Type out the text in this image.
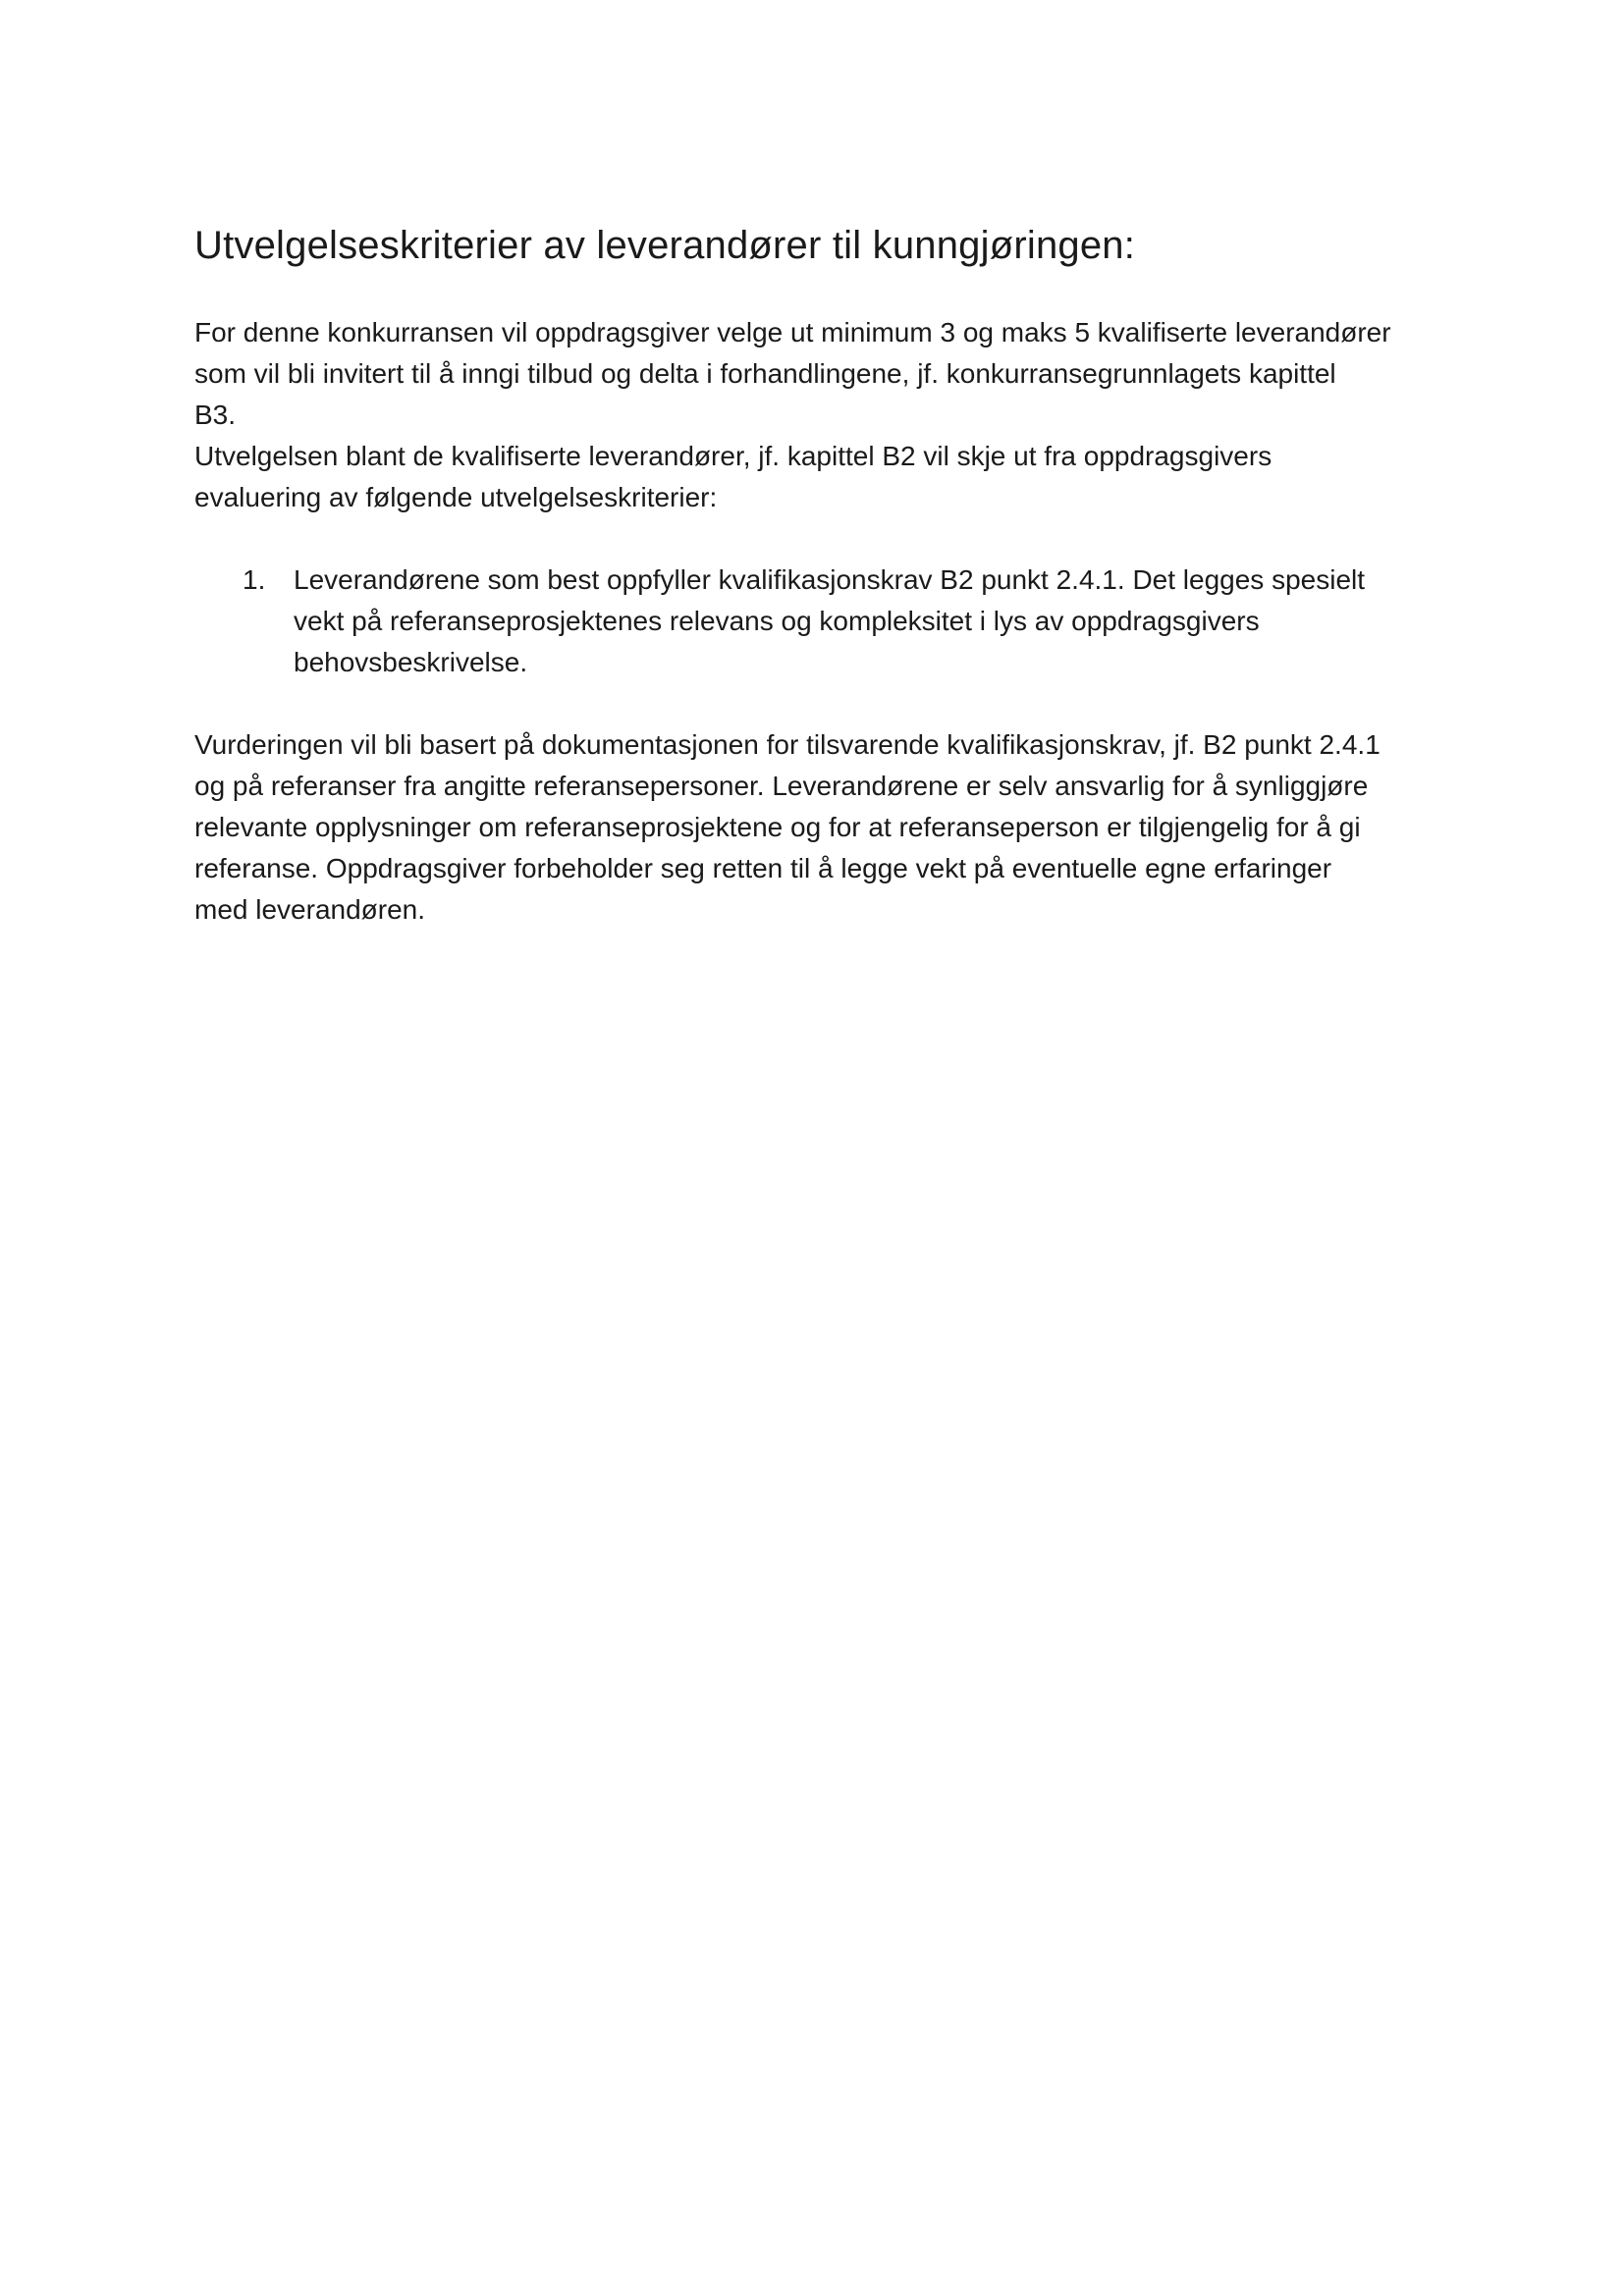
Utvelgelseskriterier av leverandører til kunngjøringen:
For denne konkurransen vil oppdragsgiver velge ut minimum 3 og maks 5 kvalifiserte leverandører
som vil bli invitert til å inngi tilbud og delta i forhandlingene, jf. konkurransegrunnlagets kapittel
B3.
Utvelgelsen blant de kvalifiserte leverandører, jf. kapittel B2 vil skje ut fra oppdragsgivers
evaluering av følgende utvelgelseskriterier:
1. Leverandørene som best oppfyller kvalifikasjonskrav B2 punkt 2.4.1. Det legges spesielt
vekt på referanseprosjektenes relevans og kompleksitet i lys av oppdragsgivers
behovsbeskrivelse.
Vurderingen vil bli basert på dokumentasjonen for tilsvarende kvalifikasjonskrav, jf. B2 punkt 2.4.1
og på referanser fra angitte referansepersoner. Leverandørene er selv ansvarlig for å synliggjøre
relevante opplysninger om referanseprosjektene og for at referanseperson er tilgjengelig for å gi
referanse. Oppdragsgiver forbeholder seg retten til å legge vekt på eventuelle egne erfaringer
med leverandøren.
